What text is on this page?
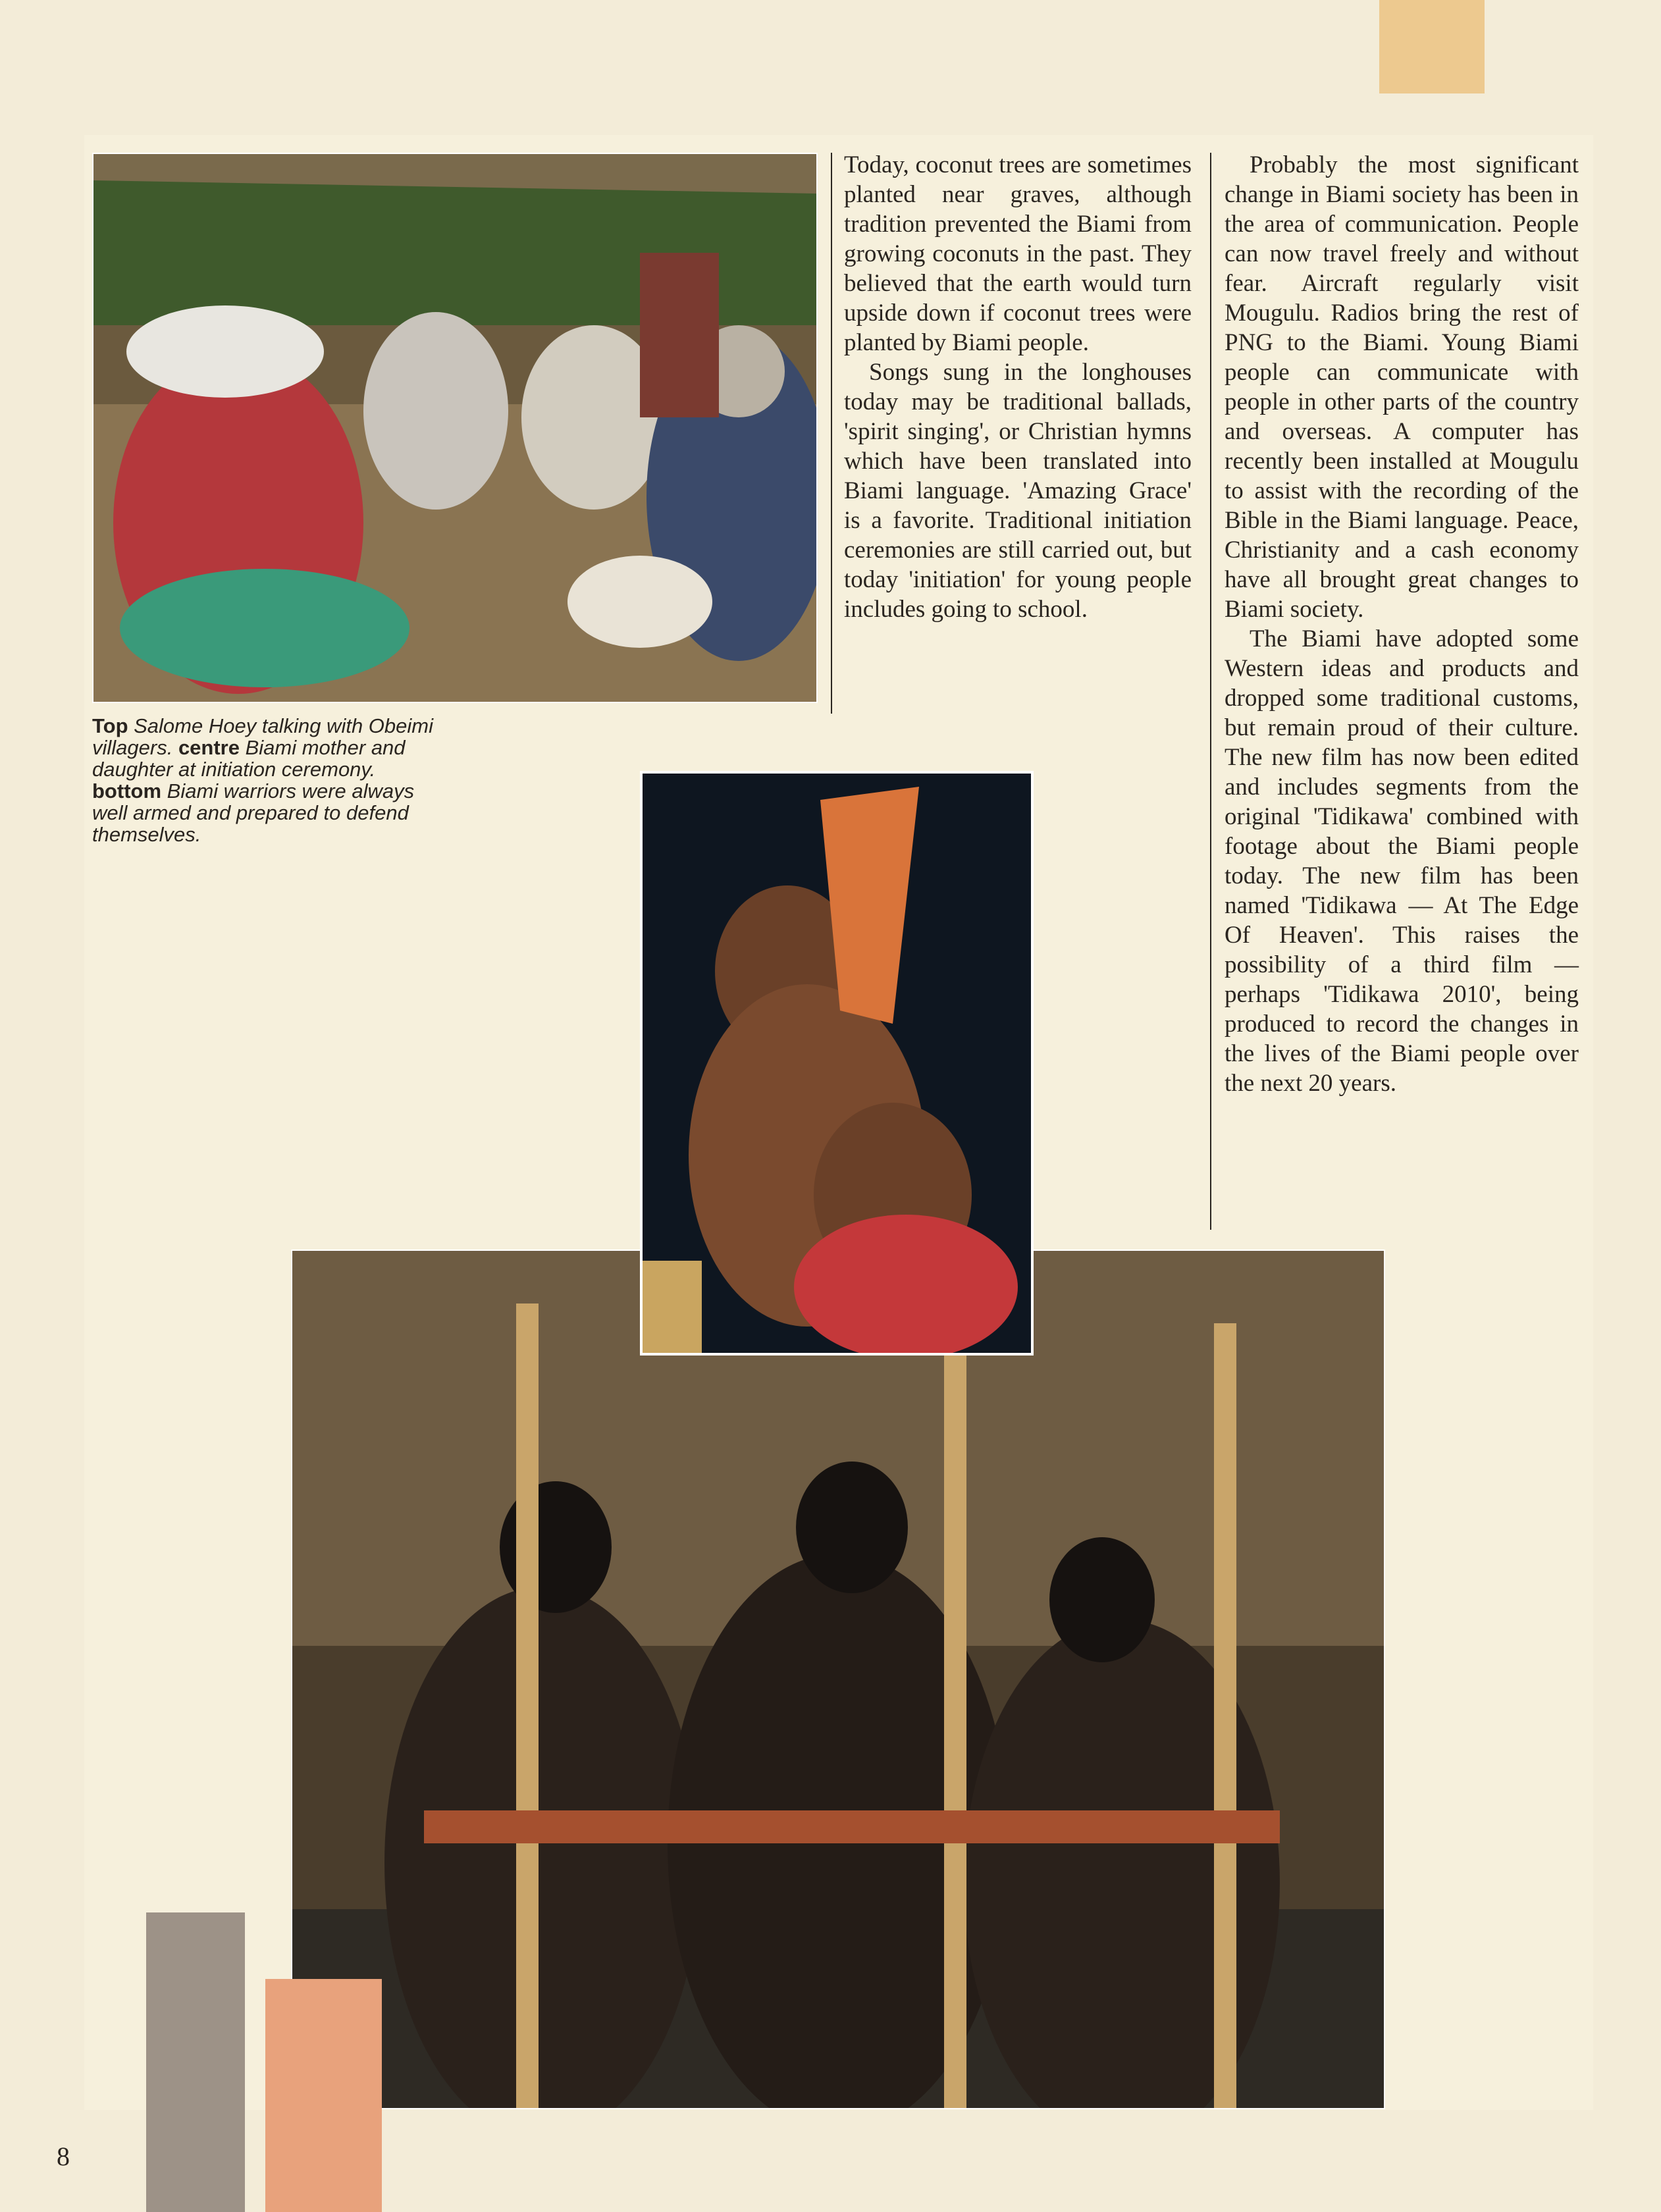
Top Salome Hoey talking with Obeimi villagers. centre Biami mother and daughter at initiation ceremony. bottom Biami warriors were always well armed and prepared to defend themselves.

Today, coconut trees are sometimes planted near graves, although tradition prevented the Biami from growing coconuts in the past. They believed that the earth would turn upside down if coconut trees were planted by Biami people.

Songs sung in the longhouses today may be traditional ballads, 'spirit singing', or Christian hymns which have been translated into Biami language. 'Amazing Grace' is a favorite. Traditional initiation ceremonies are still carried out, but today 'initiation' for young people includes going to school.

Probably the most significant change in Biami society has been in the area of communication. People can now travel freely and without fear. Aircraft regularly visit Mougulu. Radios bring the rest of PNG to the Biami. Young Biami people can communicate with people in other parts of the country and overseas. A computer has recently been installed at Mougulu to assist with the recording of the Bible in the Biami language. Peace, Christianity and a cash economy have all brought great changes to Biami society.

The Biami have adopted some Western ideas and products and dropped some traditional customs, but remain proud of their culture. The new film has now been edited and includes segments from the original 'Tidikawa' combined with footage about the Biami people today. The new film has been named 'Tidikawa — At The Edge Of Heaven'. This raises the possibility of a third film — perhaps 'Tidikawa 2010', being produced to record the changes in the lives of the Biami people over the next 20 years.

8
